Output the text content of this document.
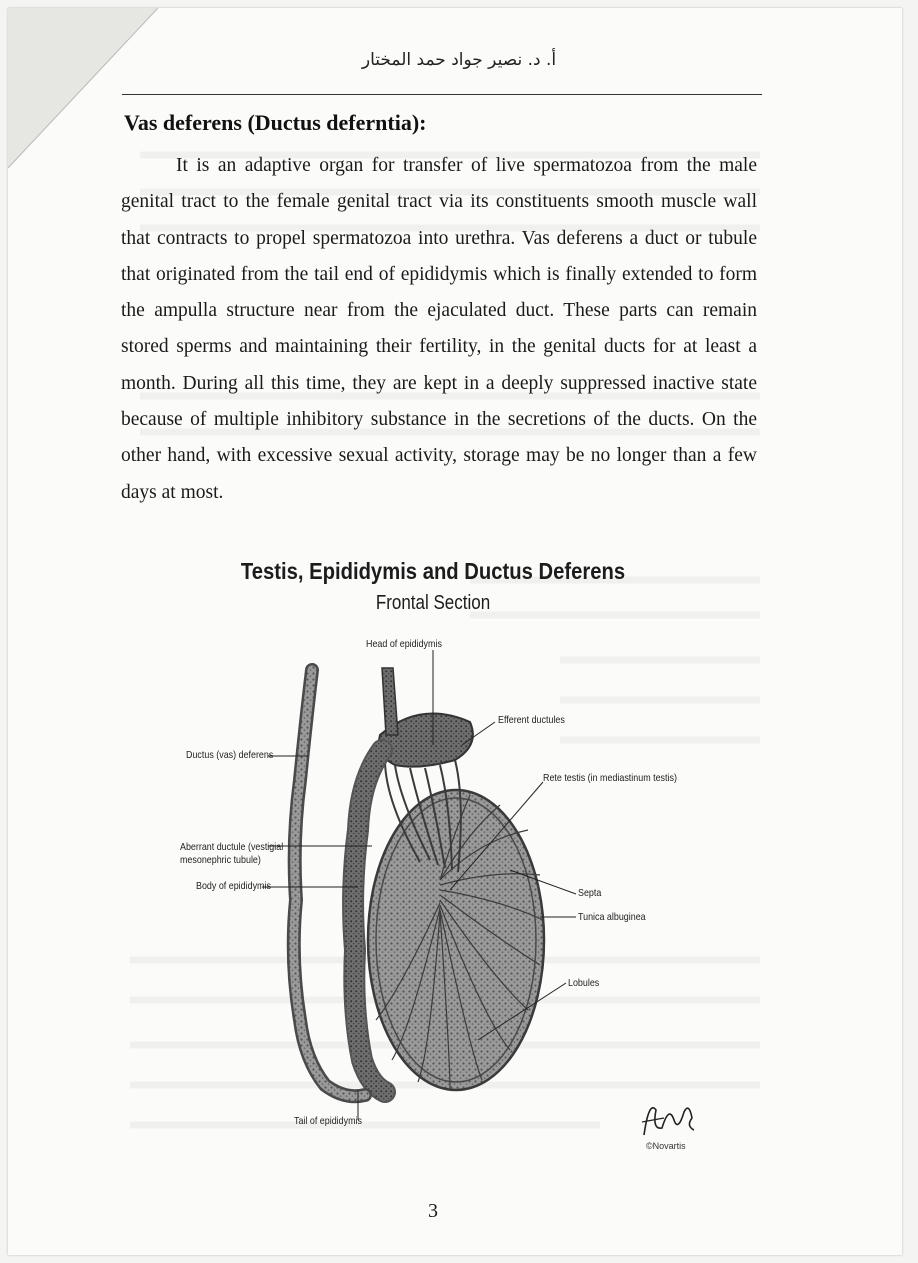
أ. د. نصير جواد حمد المختار
Vas deferens (Ductus deferntia):
It is an adaptive organ for transfer of live spermatozoa from the male genital tract to the female genital tract via its constituents smooth muscle wall that contracts to propel spermatozoa into urethra. Vas deferens a duct or tubule that originated from the tail end of epididymis which is finally extended to form the ampulla structure near from the ejaculated duct. These parts can remain stored sperms and maintaining their fertility, in the genital ducts for at least a month. During all this time, they are kept in a deeply suppressed inactive state because of multiple inhibitory substance in the secretions of the ducts. On the other hand, with excessive sexual activity, storage may be no longer than a few days at most.
Testis, Epididymis and Ductus Deferens
Frontal Section
Head of epididymis
Efferent ductules
Ductus (vas) deferens
Rete testis (in mediastinum testis)
Aberrant ductule (vestigial
mesonephric tubule)
Body of epididymis
Septa
Tunica albuginea
Lobules
Tail of epididymis
©Novartis
3
